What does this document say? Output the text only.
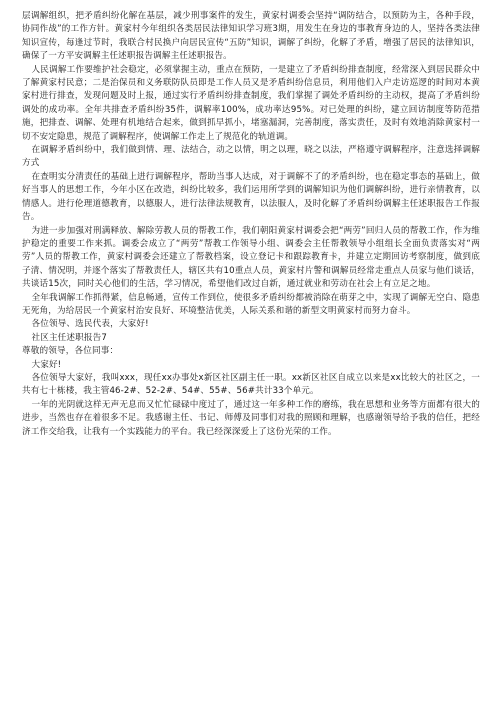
层调解组织，把矛盾纠纷化解在基层，减少刑事案件的发生，黄家村调委会坚持“调防结合，以预防为主，各种手段，协同作战”的工作方针。黄家村今年组织各类居民法律知识学习班3期，用发生在身边的事教育身边的人，坚持各类法律知识宣传，每逢过节时，我联合村民换户向居民宣传“五防”知识，调解了纠纷，化解了矛盾，增强了居民的法律知识，确保了一方平安调解主任述职报告调解主任述职报告。

人民调解工作要维护社会稳定，必须掌握主动，重点在预防，一是建立了矛盾纠纷排查制度，经常深入到居民群众中了解黄家村民意；二是治保员和义务联防队员即是工作人员又是矛盾纠纷信息员，利用他们入户走访巡逻的时间对本黄家村进行排查，发现问题及时上报，通过实行矛盾纠纷排查制度，我们掌握了调处矛盾纠纷的主动权，提高了矛盾纠纷调处的成功率。全年共排查矛盾纠纷35件，调解率100%，成功率达95%。对已处理的纠纷，建立回访制度等防范措施，把排查、调解、处理有机地结合起来，做到抓早抓小，堵塞漏洞，完善制度，落实责任，及时有效地消除黄家村一切不安定隐患，规范了调解程序，使调解工作走上了规范化的轨道调。

在调解矛盾纠纷中，我们做到情、理、法结合，动之以情，明之以理，晓之以法，严格遵守调解程序，注意选择调解方式

在查明实分清责任的基础上进行调解程序，帮助当事人达成，对于调解不了的矛盾纠纷，也在稳定事态的基础上，做好当事人的思想工作，今年小区在改造，纠纷比较多，我们运用所学到的调解知识为他们调解纠纷，进行亲情教育，以情感人。进行伦理道德教育，以德服人，进行法律法规教育，以法服人，及时化解了矛盾纠纷调解主任述职报告工作报告。

为进一步加强对刑满释放、解除劳教人员的帮教工作，我们朝阳黄家村调委会把“两劳”回归人员的帮教工作，作为维护稳定的重要工作来抓。调委会成立了“两劳”帮教工作领导小组、调委会主任帮教领导小组组长全面负责落实对“两劳”人员的帮教工作，黄家村调委会还建立了帮教档案，设立登记卡和跟踪教育卡，并建立定期回访考察制度，做到底子清、情况明，并逐个落实了帮教责任人，辖区共有10重点人员，黄家村片警和调解员经常走重点人员家与他们谈话，共谈话15次，同时关心他们的生活，学习情况，希望他们改过自新，通过就业和劳动在社会上有立足之地。

全年我调解工作抓得紧，信息畅通，宣传工作到位，使很多矛盾纠纷都被消除在萌芽之中，实现了调解无空白、隐患无死角，为给居民一个黄家村治安良好、环境整洁优美，人际关系和谐的新型文明黄家村而努力奋斗。

各位领导、选民代表，大家好!

社区主任述职报告7

尊敬的领导，各位同事：

大家好!

各位领导大家好，我叫xxx，现任xx办事处x新区社区副主任一职。xx新区社区自成立以来是xx比较大的社区之，一共有七十栋楼，我主管46-2#、52-2#、54#、55#、56#共计33个单元。

一年的光阴就这样无声无息而又忙忙碌碌中度过了，通过这一年多种工作的磨练，我在思想和业务等方面都有很大的进步，当然也存在着很多不足。我感谢主任、书记、师傅及同事们对我的照顾和理解，也感谢领导给予我的信任，把经济工作交给我，让我有一个实践能力的平台。我已经深深爱上了这份光荣的工作。
